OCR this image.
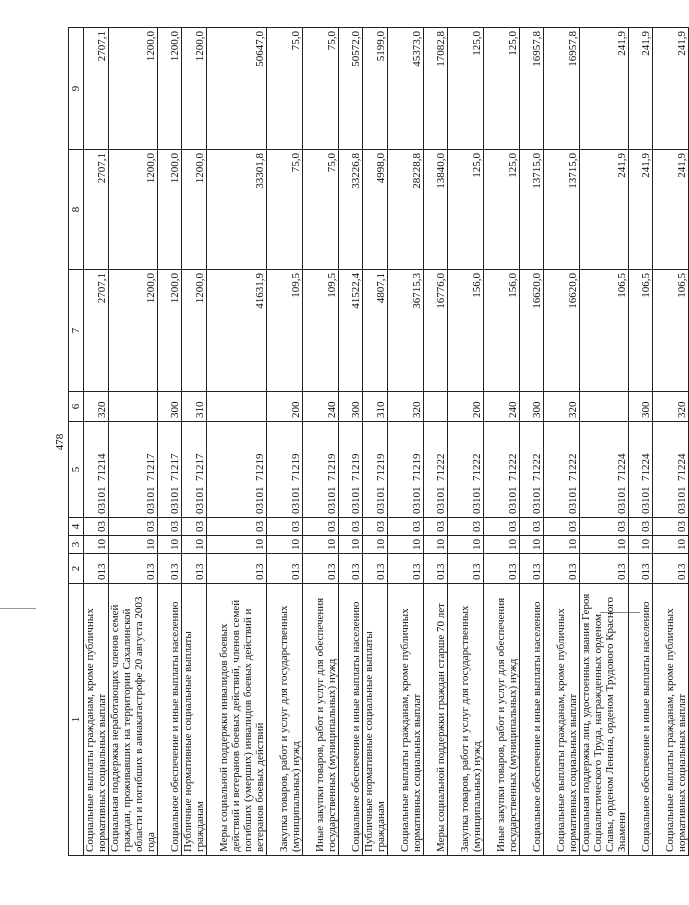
478
1	2	3	4	5	6	7	8	9
Социальные выплаты гражданам, кроме публичных нормативных социальных выплат	013	10	03	03101  71214	320	2707,1	2707,1	2707,1
Социальная поддержка неработающих членов семей граждан, проживавших на территории Сахалинской области и погибших в авиакатастрофе 20 августа 2003 года	013	10	03	03101  71217		1200,0	1200,0	1200,0
Социальное обеспечение и иные выплаты населению	013	10	03	03101  71217	300	1200,0	1200,0	1200,0
Публичные нормативные социальные выплаты гражданам	013	10	03	03101  71217	310	1200,0	1200,0	1200,0
Меры социальной поддержки инвалидов боевых действий и ветеранов боевых действий, членов семей погибших (умерших) инвалидов боевых действий и ветеранов боевых действий	013	10	03	03101  71219		41631,9	33301,8	50647,0
Закупка товаров, работ и услуг для государственных (муниципальных) нужд	013	10	03	03101  71219	200	109,5	75,0	75,0
Иные закупки товаров, работ и услуг для обеспечения государственных (муниципальных) нужд	013	10	03	03101  71219	240	109,5	75,0	75,0
Социальное обеспечение и иные выплаты населению	013	10	03	03101  71219	300	41522,4	33226,8	50572,0
Публичные нормативные социальные выплаты гражданам	013	10	03	03101  71219	310	4807,1	4998,0	5199,0
Социальные выплаты гражданам, кроме публичных нормативных социальных выплат	013	10	03	03101  71219	320	36715,3	28228,8	45373,0
Меры социальной поддержки граждан старше 70 лет	013	10	03	03101  71222		16776,0	13840,0	17082,8
Закупка товаров, работ и услуг для государственных (муниципальных) нужд	013	10	03	03101  71222	200	156,0	125,0	125,0
Иные закупки товаров, работ и услуг для обеспечения государственных (муниципальных) нужд	013	10	03	03101  71222	240	156,0	125,0	125,0
Социальное обеспечение и иные выплаты населению	013	10	03	03101  71222	300	16620,0	13715,0	16957,8
Социальные выплаты гражданам, кроме публичных нормативных социальных выплат	013	10	03	03101  71222	320	16620,0	13715,0	16957,8
Социальная поддержка лиц, удостоенных звания Героя Социалистического Труда, награжденных орденом Славы, орденом Ленина, орденом Трудового Красного Знамени	013	10	03	03101  71224		106,5	241,9	241,9
Социальное обеспечение и иные выплаты населению	013	10	03	03101  71224	300	106,5	241,9	241,9
Социальные выплаты гражданам, кроме публичных нормативных социальных выплат	013	10	03	03101  71224	320	106,5	241,9	241,9
